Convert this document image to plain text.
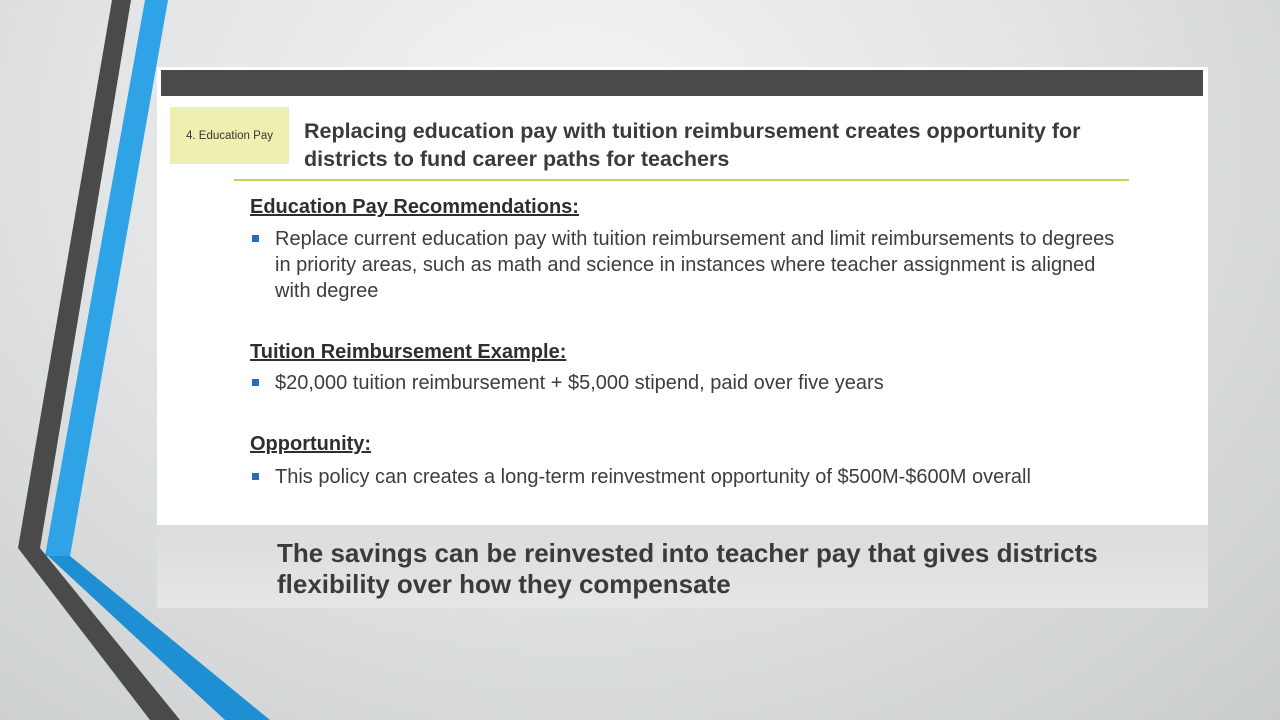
4. Education Pay	Replacing education pay with tuition reimbursement creates opportunity for districts to fund career paths for teachers
Education Pay Recommendations:
Replace current education pay with tuition reimbursement and limit reimbursements to degrees in priority areas, such as math and science in instances where teacher assignment is aligned with degree
Tuition Reimbursement Example:
$20,000 tuition reimbursement + $5,000 stipend, paid over five years
Opportunity:
This policy can creates a long-term reinvestment opportunity of $500M-$600M overall

The savings can be reinvested into teacher pay that gives districts flexibility over how they compensate
